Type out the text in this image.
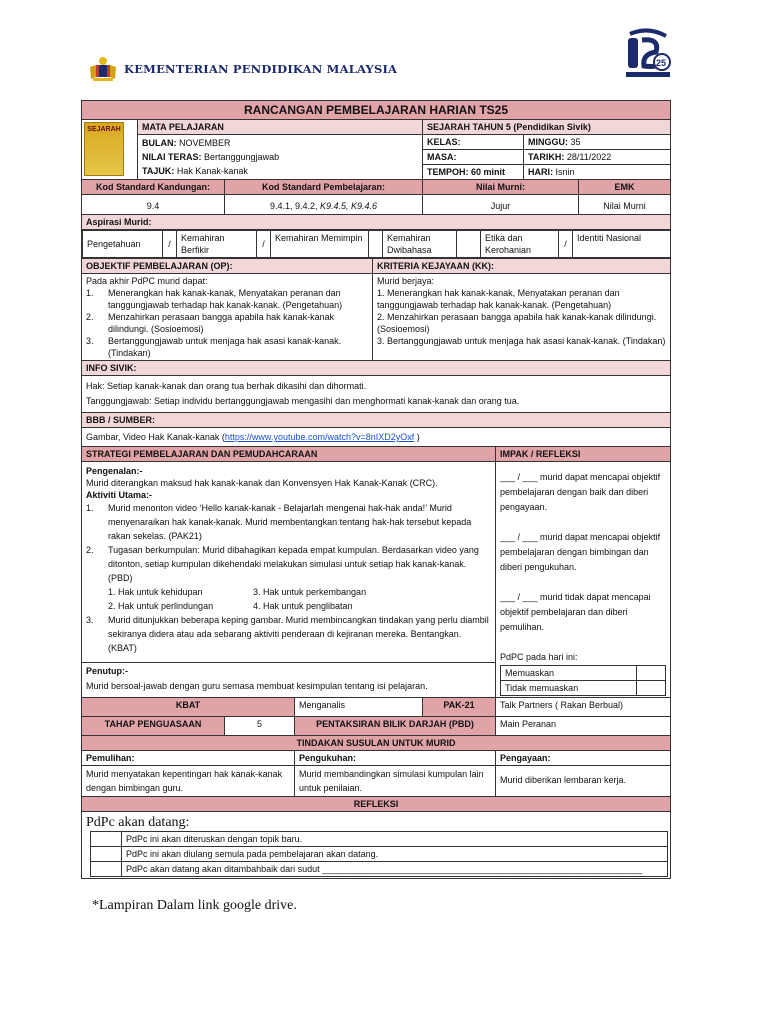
KEMENTERIAN PENDIDIKAN MALAYSIA	25
RANCANGAN PEMBELAJARAN HARIAN TS25

SEJARAH	MATA PELAJARAN	SEJARAH TAHUN 5 (Pendidikan Sivik)

BULAN: NOVEMBER
NILAI TERAS: Bertanggungjawab
TAJUK: Hak Kanak-kanak
	KELAS:	MINGGU: 35
MASA:	TARIKH: 28/11/2022
TEMPOH: 60 minit	HARI: Isnin
Kod Standard Kandungan:	Kod Standard Pembelajaran:	Nilai Murni:	EMK
9.4	9.4.1, 9.4.2, K9.4.5, K9.4.6	Jujur	Nilai Murni
Aspirasi Murid:

Pengetahuan	/	Kemahiran Berfikir	/	Kemahiran Memimpin		Kemahiran Dwibahasa		Etika dan Kerohanian	/	Identiti Nasional

OBJEKTIF PEMBELAJARAN (OP):	KRITERIA KEJAYAAN (KK):

Pada akhir PdPC murid dapat:
1.	Menerangkan hak kanak-kanak, Menyatakan peranan dan tanggungjawab terhadap hak kanak-kanak. (Pengetahuan)
2.	Menzahirkan perasaan bangga apabila hak kanak-kanak dilindungi. (Sosioemosi)
3.	Bertanggungjawab untuk menjaga hak asasi kanak-kanak. (Tindakan)

Murid berjaya:
1. Menerangkan hak kanak-kanak, Menyatakan peranan dan tanggungjawab terhadap hak kanak-kanak. (Pengetahuan)
2. Menzahirkan perasaan bangga apabila hak kanak-kanak dilindungi. (Sosioemosi)
3. Bertanggungjawab untuk menjaga hak asasi kanak-kanak. (Tindakan)

INFO SIVIK:

Hak: Setiap kanak-kanak dan orang tua berhak dikasihi dan dihormati.
Tanggungjawab: Setiap individu bertanggungjawab mengasihi dan menghormati kanak-kanak dan orang tua.

BBB / SUMBER:
Gambar, Video Hak Kanak-kanak (https://www.youtube.com/watch?v=8nIXD2yOxf )
STRATEGI PEMBELAJARAN DAN PEMUDAHCARAAN	IMPAK / REFLEKSI

Pengenalan:-
Murid diterangkan maksud hak kanak-kanak dan Konvensyen Hak Kanak-Kanak (CRC).
Aktiviti Utama:-
1.	Murid menonton video ‘Hello kanak-kanak - Belajarlah mengenai hak-hak anda!’ Murid menyenaraikan hak kanak-kanak. Murid membentangkan tentang hak-hak tersebut kepada rakan sekelas. (PAK21)
2.	Tugasan berkumpulan: Murid dibahagikan kepada empat kumpulan. Berdasarkan video yang ditonton, setiap kumpulan dikehendaki melakukan simulasi untuk setiap hak kanak-kanak. (PBD)
1. Hak untuk kehidupan	3. Hak untuk perkembangan
2. Hak untuk perlindungan	4. Hak untuk penglibatan
3.	Murid ditunjukkan beberapa keping gambar. Murid membincangkan tindakan yang perlu diambil sekiranya didera atau ada sebarang aktiviti penderaan di kejiranan mereka. Bentangkan. (KBAT)

___ / ___ murid dapat mencapai objektif pembelajaran dengan baik dan diberi pengayaan.

___ / ___ murid dapat mencapai objektif pembelajaran dengan bimbingan dan diberi pengukuhan.

___ / ___ murid tidak dapat mencapai objektif pembelajaran dan diberi pemulihan.

PdPC pada hari ini:
Memuaskan	
Tidak memuaskan	

Penutup:-
Murid bersoal-jawab dengan guru semasa membuat kesimpulan tentang isi pelajaran.

KBAT	Menganalis	PAK-21	Talk Partners ( Rakan Berbual)
TAHAP PENGUASAAN	5	PENTAKSIRAN BILIK DARJAH (PBD)	Main Peranan
TINDAKAN SUSULAN UNTUK MURID
Pemulihan:	Pengukuhan:	Pengayaan:
Murid menyatakan kepentingan hak kanak-kanak dengan bimbingan guru.	Murid membandingkan simulasi kumpulan lain untuk penilaian.	Murid diberikan lembaran kerja.
REFLEKSI

PdPc akan datang:
	PdPc ini akan diteruskan dengan topik baru.
	PdPc ini akan diulang semula pada pembelajaran akan datang.
	PdPc akan datang akan ditambahbaik dari sudut ________________________________________________________________
*Lampiran Dalam link google drive.
